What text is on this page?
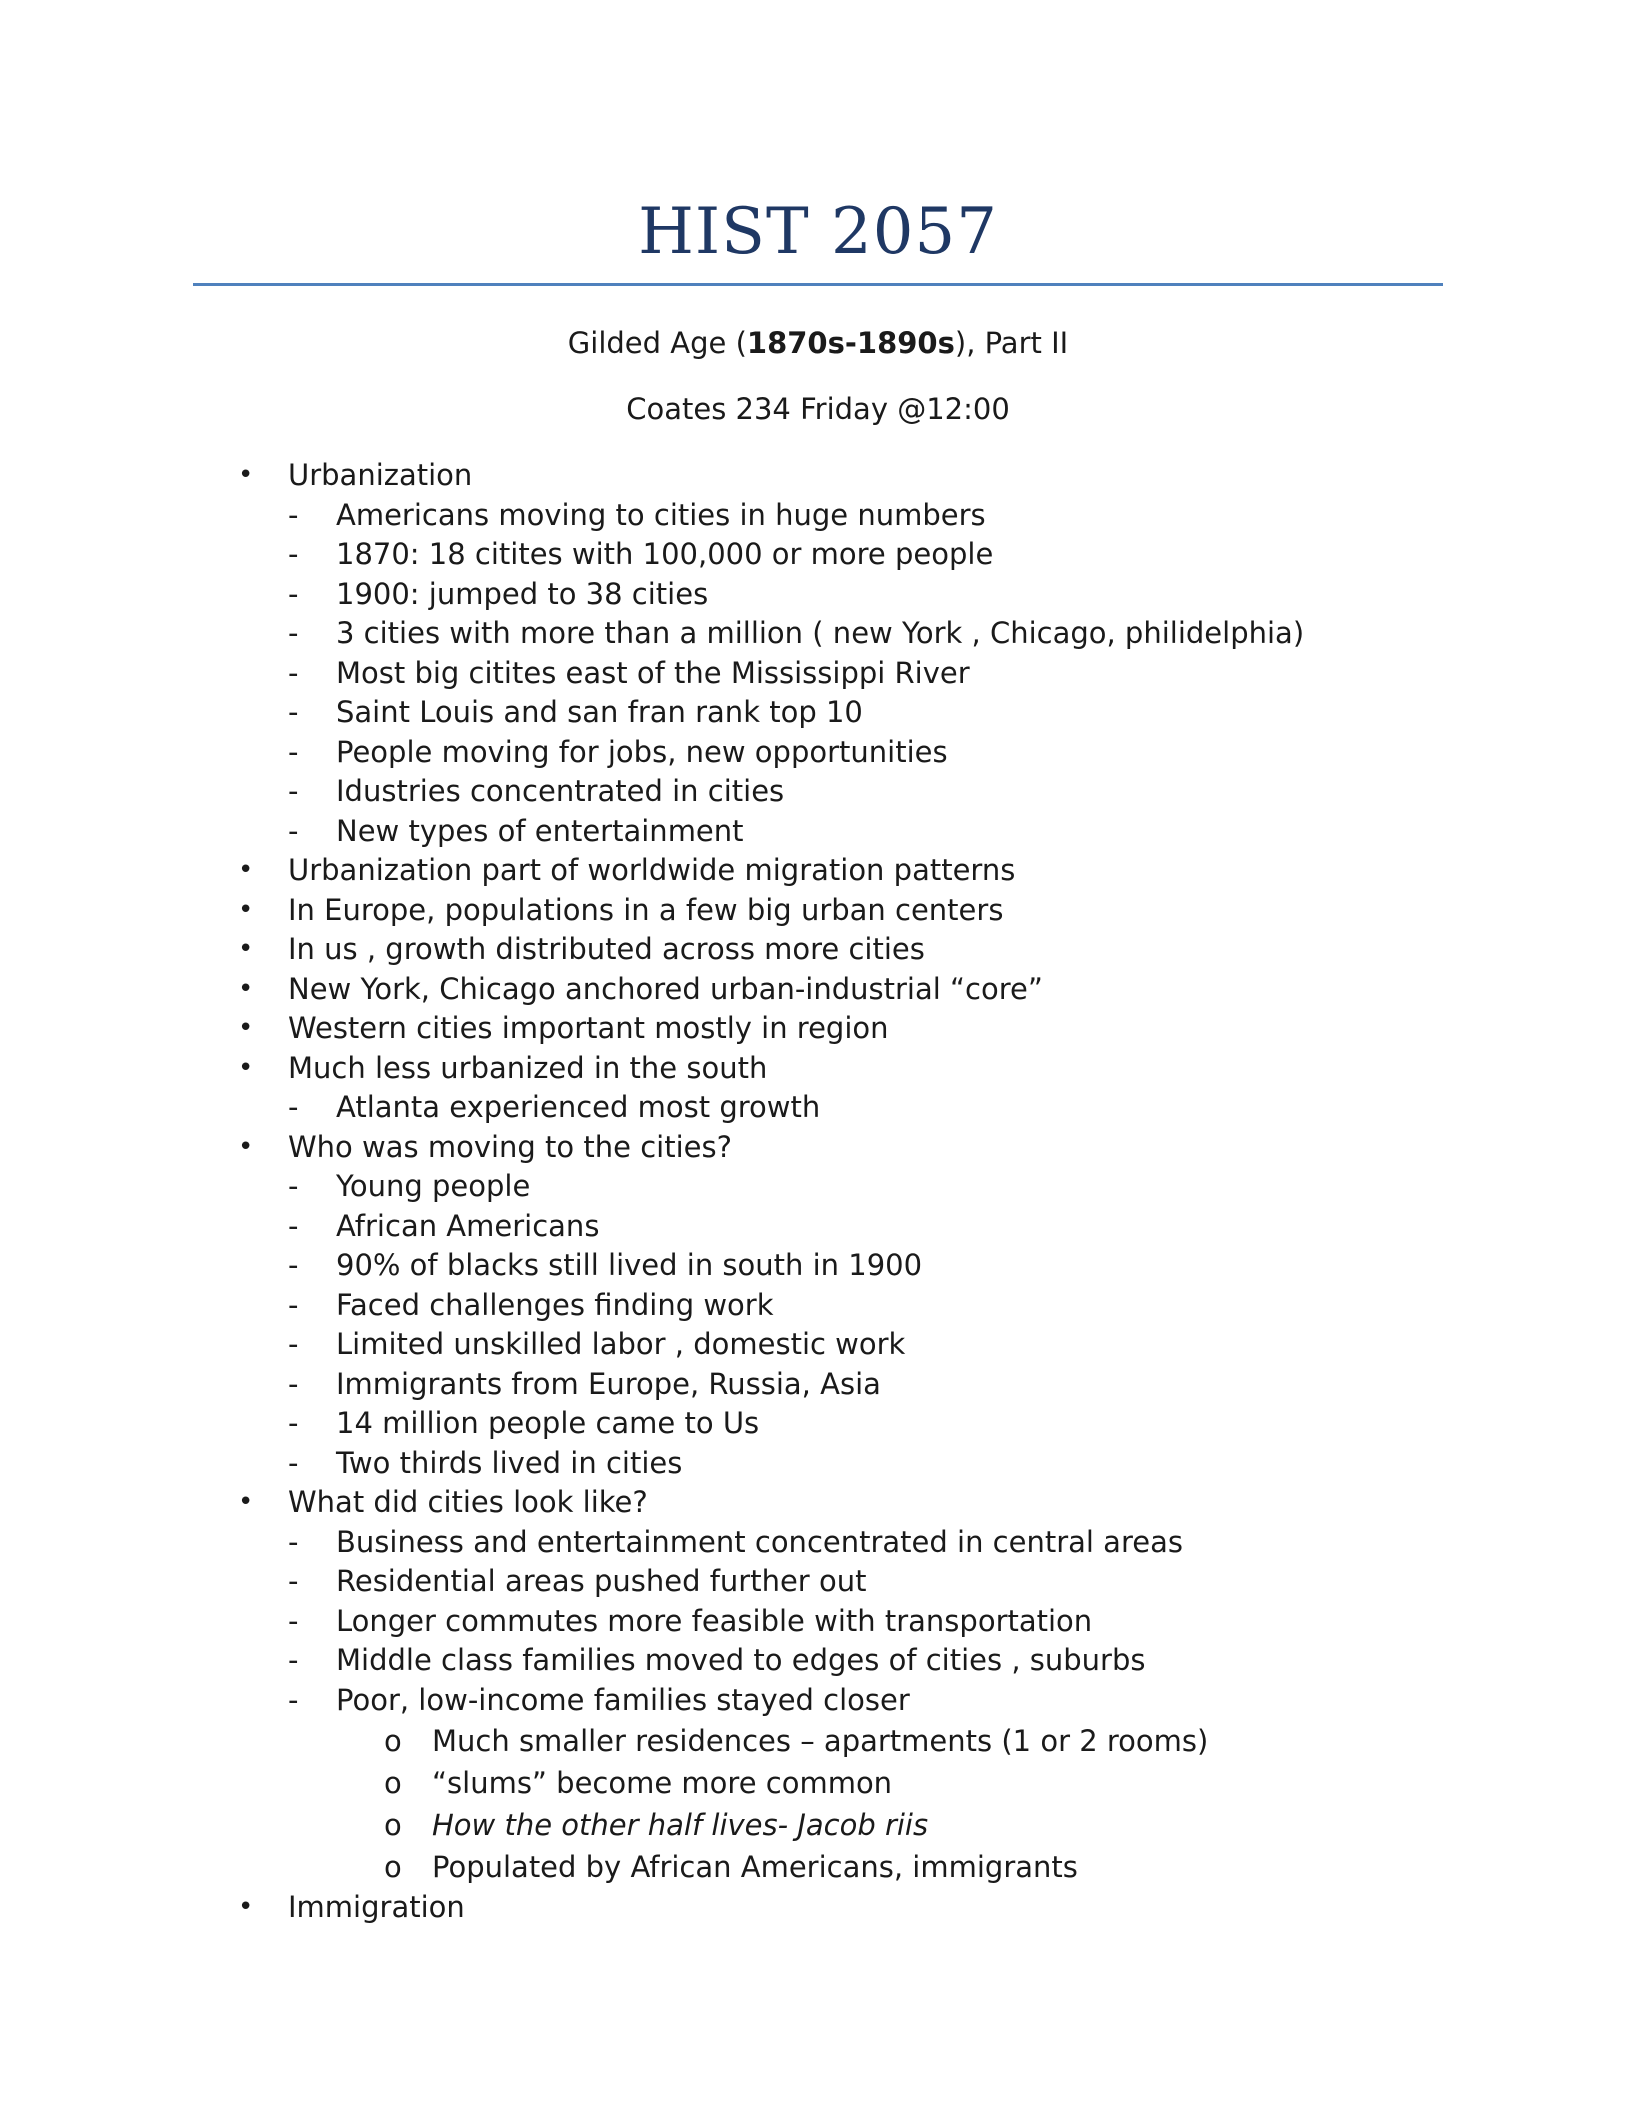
HIST 2057
Gilded Age (1870s-1890s), Part II
Coates 234 Friday @12:00
• Urbanization
- Americans moving to cities in huge numbers
- 1870: 18 citites with 100,000 or more people
- 1900: jumped to 38 cities
- 3 cities with more than a million ( new York , Chicago, philidelphia)
- Most big citites east of the Mississippi River
- Saint Louis and san fran rank top 10
- People moving for jobs, new opportunities
- Idustries concentrated in cities
- New types of entertainment
• Urbanization part of worldwide migration patterns
• In Europe, populations in a few big urban centers
• In us , growth distributed across more cities
• New York, Chicago anchored urban-industrial “core”
• Western cities important mostly in region
• Much less urbanized in the south
- Atlanta experienced most growth
• Who was moving to the cities?
- Young people
- African Americans
- 90% of blacks still lived in south in 1900
- Faced challenges finding work
- Limited unskilled labor , domestic work
- Immigrants from Europe, Russia, Asia
- 14 million people came to Us
- Two thirds lived in cities
• What did cities look like?
- Business and entertainment concentrated in central areas
- Residential areas pushed further out
- Longer commutes more feasible with transportation
- Middle class families moved to edges of cities , suburbs
- Poor, low-income families stayed closer
o Much smaller residences – apartments (1 or 2 rooms)
o “slums” become more common
o How the other half lives- Jacob riis
o Populated by African Americans, immigrants
• Immigration
